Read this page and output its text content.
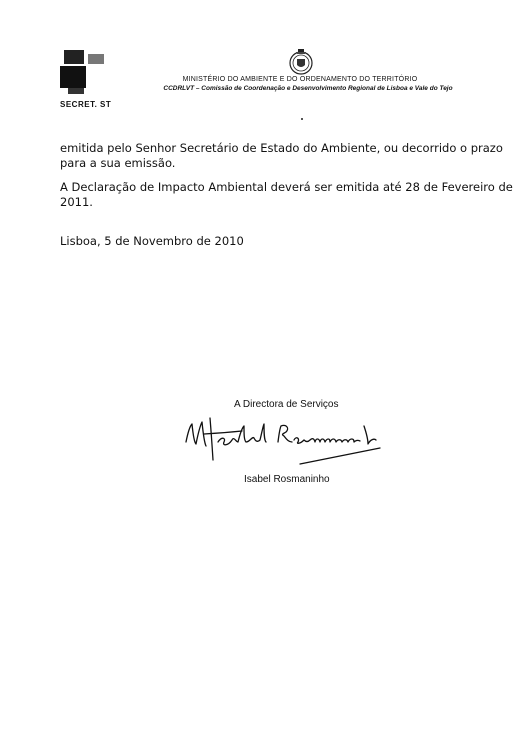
SECRET. ST
MINISTÉRIO DO AMBIENTE E DO ORDENAMENTO DO TERRITÓRIO
CCDRLVT – Comissão de Coordenação e Desenvolvimento Regional de Lisboa e Vale do Tejo
emitida pelo Senhor Secretário de Estado do Ambiente, ou decorrido o prazo
para a sua emissão.
A Declaração de Impacto Ambiental deverá ser emitida até 28 de Fevereiro de
2011.
Lisboa, 5 de Novembro de 2010
A Directora de Serviços
Isabel Rosmaninho
